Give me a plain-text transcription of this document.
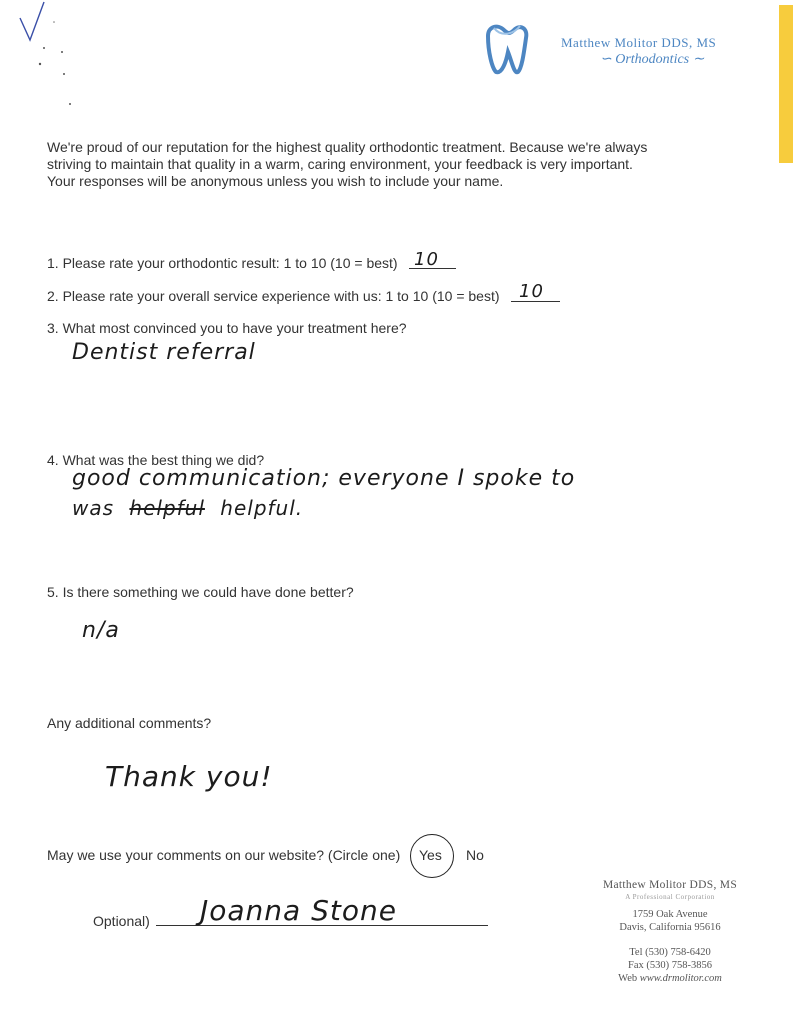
Matthew Molitor DDS, MS
∽ Orthodontics ∼
We're proud of our reputation for the highest quality orthodontic treatment. Because we're always
striving to maintain that quality in a warm, caring environment, your feedback is very important.
Your responses will be anonymous unless you wish to include your name.
1. Please rate your orthodontic result: 1 to 10 (10 = best) 10
2. Please rate your overall service experience with us: 1 to 10 (10 = best) 10
3. What most convinced you to have your treatment here?
Dentist referral
4. What was the best thing we did?
good communication; everyone I spoke to
was helpful helpful.
5. Is there something we could have done better?
n/a
Any additional comments?
Thank you!
May we use your comments on our website? (Circle one) Yes No
Optional) Joanna Stone
Matthew Molitor DDS, MS
A Professional Corporation
1759 Oak Avenue
Davis, California 95616
Tel (530) 758-6420
Fax (530) 758-3856
Web www.drmolitor.com
